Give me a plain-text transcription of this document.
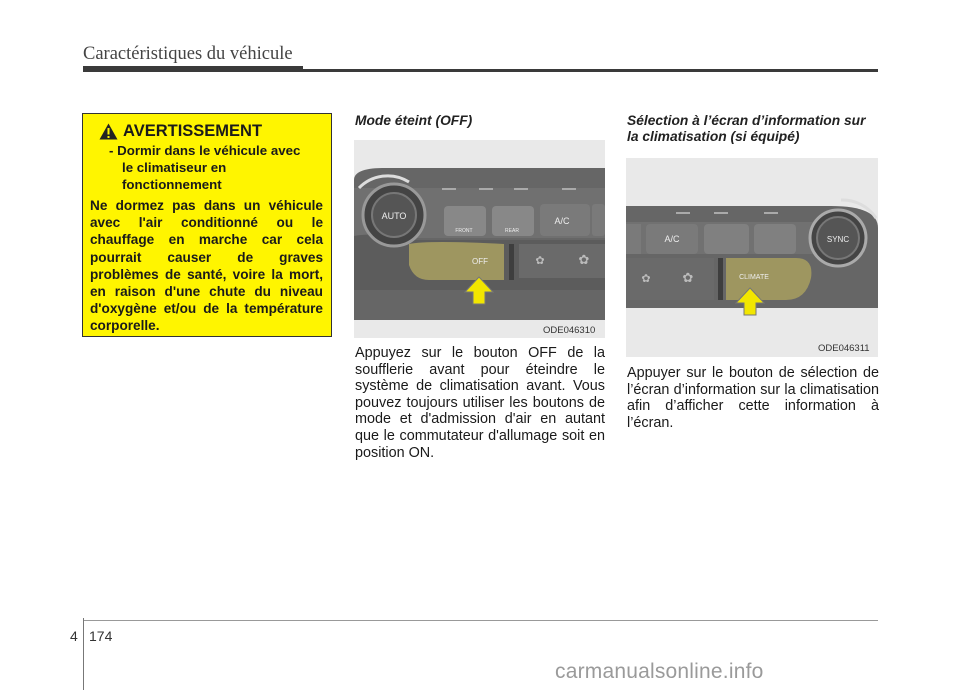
Caractéristiques du véhicule
AVERTISSEMENT
- Dormir dans le véhicule avec le climatiseur en fonctionnement
Ne dormez pas dans un véhicule avec l'air conditionné ou le chauffage en marche car cela pourrait causer de graves problèmes de santé, voire la mort, en raison d'une chute du niveau d'oxygène et/ou de la température corporelle.
Mode éteint (OFF)
AUTO
FRONT	REAR
A/C
OFF	✿	✿
ODE046310
Appuyez sur le bouton OFF de la soufflerie avant pour éteindre le système de climatisation avant. Vous pouvez toujours utiliser les boutons de mode et d'admission d'air en autant que le commutateur d'allumage soit en position ON.
Sélection à l’écran d’information sur la climatisation (si équipé)
A/C	SYNC
✿ ✿	CLIMATE
ODE046311
Appuyer sur le bouton de sélection de l’écran d’information sur la climatisation afin d’afficher cette information à l’écran.
4 174
carmanualsonline.info
